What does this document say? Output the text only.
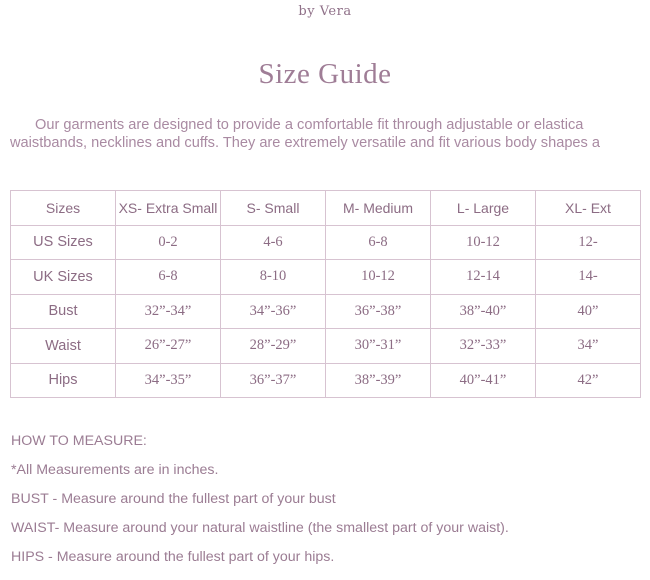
by Vera
Size Guide
Our garments are designed to provide a comfortable fit through adjustable or elastica
waistbands, necklines and cuffs. They are extremely versatile and fit various body shapes a
Sizes	XS- Extra Small	S- Small	M- Medium	L- Large	XL- Ext
US Sizes	0-2	4-6	6-8	10-12	12-
UK Sizes	6-8	8-10	10-12	12-14	14-
Bust	32”-34”	34”-36”	36”-38”	38”-40”	40”
Waist	26”-27”	28”-29”	30”-31”	32”-33”	34”
Hips	34”-35”	36”-37”	38”-39”	40”-41”	42”
HOW TO MEASURE:
*All Measurements are in inches.
BUST - Measure around the fullest part of your bust
WAIST- Measure around your natural waistline (the smallest part of your waist).
HIPS - Measure around the fullest part of your hips.
